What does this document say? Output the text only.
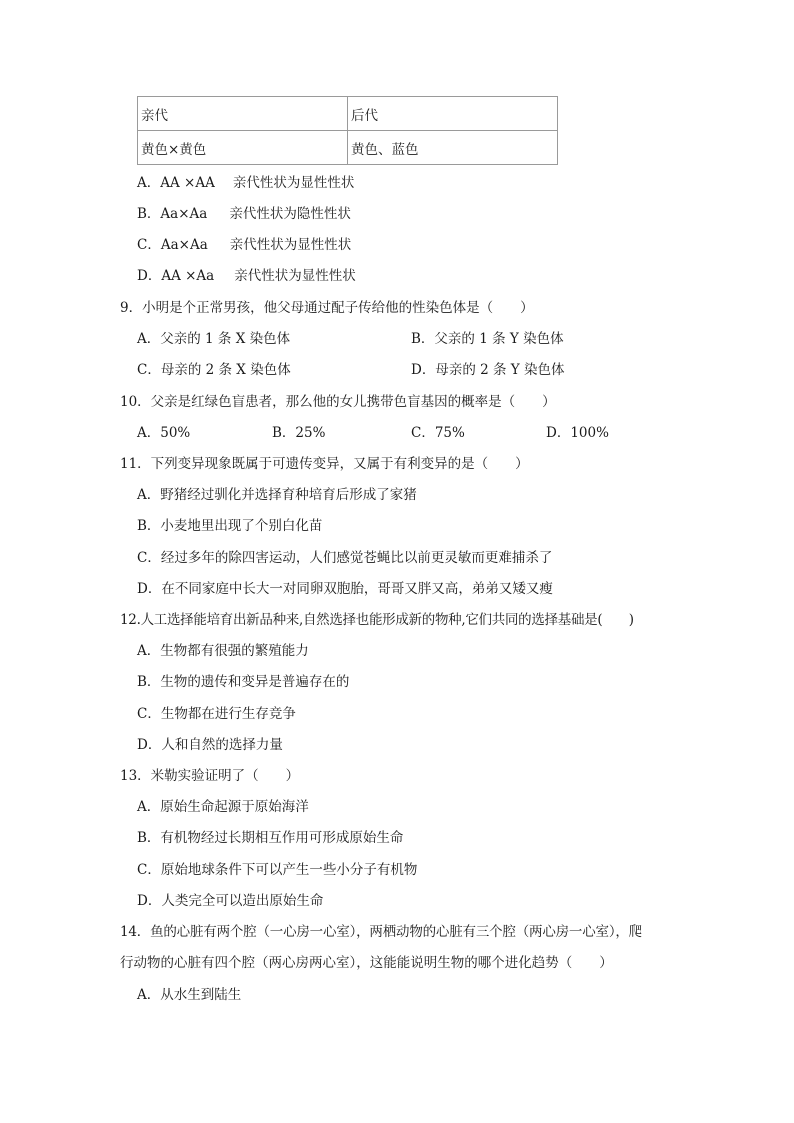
亲代	后代
黄色×黄色	黄色、蓝色
A．AA ×AA 亲代性状为显性性状
B．Aa×Aa 亲代性状为隐性性状
C．Aa×Aa 亲代性状为显性性状
D．AA ×Aa 亲代性状为显性性状
9．小明是个正常男孩，他父母通过配子传给他的性染色体是（　　）
A．父亲的 1 条 X 染色体	B．父亲的 1 条 Y 染色体
C．母亲的 2 条 X 染色体	D．母亲的 2 条 Y 染色体
10．父亲是红绿色盲患者，那么他的女儿携带色盲基因的概率是（　　）
A．50%	B．25%	C．75%	D．100%
11．下列变异现象既属于可遗传变异，又属于有利变异的是（　　）
A．野猪经过驯化并选择育种培育后形成了家猪
B．小麦地里出现了个别白化苗
C．经过多年的除四害运动，人们感觉苍蝇比以前更灵敏而更难捕杀了
D．在不同家庭中长大一对同卵双胞胎，哥哥又胖又高，弟弟又矮又瘦
12.人工选择能培育出新品种来,自然选择也能形成新的物种,它们共同的选择基础是(　　)
A．生物都有很强的繁殖能力
B．生物的遗传和变异是普遍存在的
C．生物都在进行生存竞争
D．人和自然的选择力量
13．米勒实验证明了（　　）
A．原始生命起源于原始海洋
B．有机物经过长期相互作用可形成原始生命
C．原始地球条件下可以产生一些小分子有机物
D．人类完全可以造出原始生命
14．鱼的心脏有两个腔（一心房一心室），两栖动物的心脏有三个腔（两心房一心室），爬
行动物的心脏有四个腔（两心房两心室），这能能说明生物的哪个进化趋势（　　）
A．从水生到陆生
